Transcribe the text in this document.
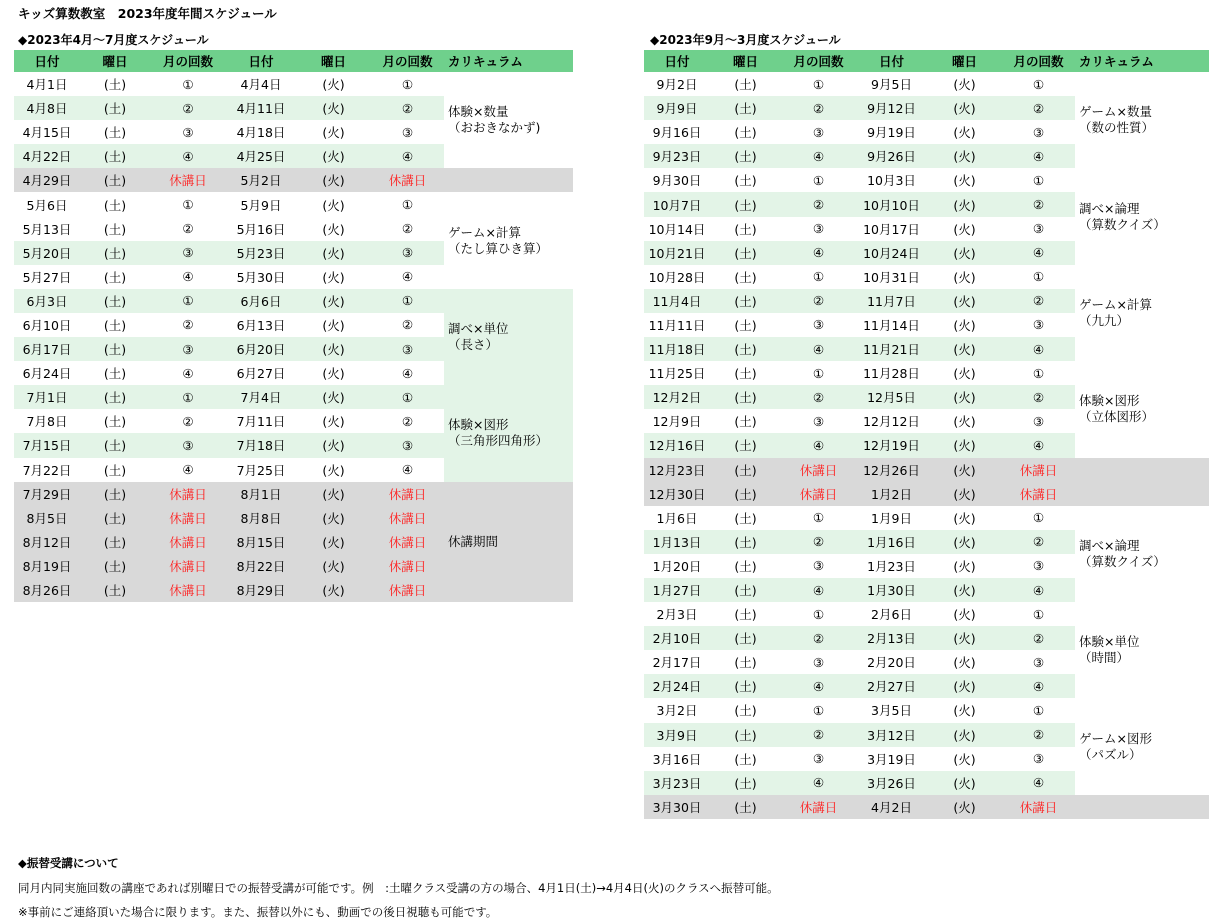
キッズ算数教室　2023年度年間スケジュール
◆2023年4月～7月度スケジュール
日付	曜日	月の回数	日付	曜日	月の回数	カリキュラム
4月1日	(土)	①	4月4日	(火)	①	体験×数量
（おおきなかず)

4月8日	(土)	②	4月11日	(火)	②	
4月15日	(土)	③	4月18日	(火)	③	
4月22日	(土)	④	4月25日	(火)	④	
4月29日	(土)	休講日	5月2日	(火)	休講日	
5月6日	(土)	①	5月9日	(火)	①	ゲーム×計算
（たし算ひき算）

5月13日	(土)	②	5月16日	(火)	②	
5月20日	(土)	③	5月23日	(火)	③	
5月27日	(土)	④	5月30日	(火)	④	
6月3日	(土)	①	6月6日	(火)	①	調べ×単位
（長さ）

6月10日	(土)	②	6月13日	(火)	②	
6月17日	(土)	③	6月20日	(火)	③	
6月24日	(土)	④	6月27日	(火)	④	
7月1日	(土)	①	7月4日	(火)	①	体験×図形
（三角形四角形）

7月8日	(土)	②	7月11日	(火)	②	
7月15日	(土)	③	7月18日	(火)	③	
7月22日	(土)	④	7月25日	(火)	④	
7月29日	(土)	休講日	8月1日	(火)	休講日	休講期間

8月5日	(土)	休講日	8月8日	(火)	休講日	
8月12日	(土)	休講日	8月15日	(火)	休講日	
8月19日	(土)	休講日	8月22日	(火)	休講日	
8月26日	(土)	休講日	8月29日	(火)	休講日	
◆2023年9月～3月度スケジュール
日付	曜日	月の回数	日付	曜日	月の回数	カリキュラム
9月2日	(土)	①	9月5日	(火)	①	ゲーム×数量
（数の性質）

9月9日	(土)	②	9月12日	(火)	②	
9月16日	(土)	③	9月19日	(火)	③	
9月23日	(土)	④	9月26日	(火)	④	
9月30日	(土)	①	10月3日	(火)	①	調べ×論理
（算数クイズ）

10月7日	(土)	②	10月10日	(火)	②	
10月14日	(土)	③	10月17日	(火)	③	
10月21日	(土)	④	10月24日	(火)	④	
10月28日	(土)	①	10月31日	(火)	①	ゲーム×計算
（九九）

11月4日	(土)	②	11月7日	(火)	②	
11月11日	(土)	③	11月14日	(火)	③	
11月18日	(土)	④	11月21日	(火)	④	
11月25日	(土)	①	11月28日	(火)	①	体験×図形
（立体図形）

12月2日	(土)	②	12月5日	(火)	②	
12月9日	(土)	③	12月12日	(火)	③	
12月16日	(土)	④	12月19日	(火)	④	
12月23日	(土)	休講日	12月26日	(火)	休講日	
12月30日	(土)	休講日	1月2日	(火)	休講日	
1月6日	(土)	①	1月9日	(火)	①	調べ×論理
（算数クイズ）

1月13日	(土)	②	1月16日	(火)	②	
1月20日	(土)	③	1月23日	(火)	③	
1月27日	(土)	④	1月30日	(火)	④	
2月3日	(土)	①	2月6日	(火)	①	体験×単位
（時間）

2月10日	(土)	②	2月13日	(火)	②	
2月17日	(土)	③	2月20日	(火)	③	
2月24日	(土)	④	2月27日	(火)	④	
3月2日	(土)	①	3月5日	(火)	①	ゲーム×図形
（パズル）

3月9日	(土)	②	3月12日	(火)	②	
3月16日	(土)	③	3月19日	(火)	③	
3月23日	(土)	④	3月26日	(火)	④	
3月30日	(土)	休講日	4月2日	(火)	休講日	
◆振替受講について
同月内同実施回数の講座であれば別曜日での振替受講が可能です。例　:土曜クラス受講の方の場合、4月1日(土)→4月4日(火)のクラスへ振替可能。
※事前にご連絡頂いた場合に限ります。また、振替以外にも、動画での後日視聴も可能です。
